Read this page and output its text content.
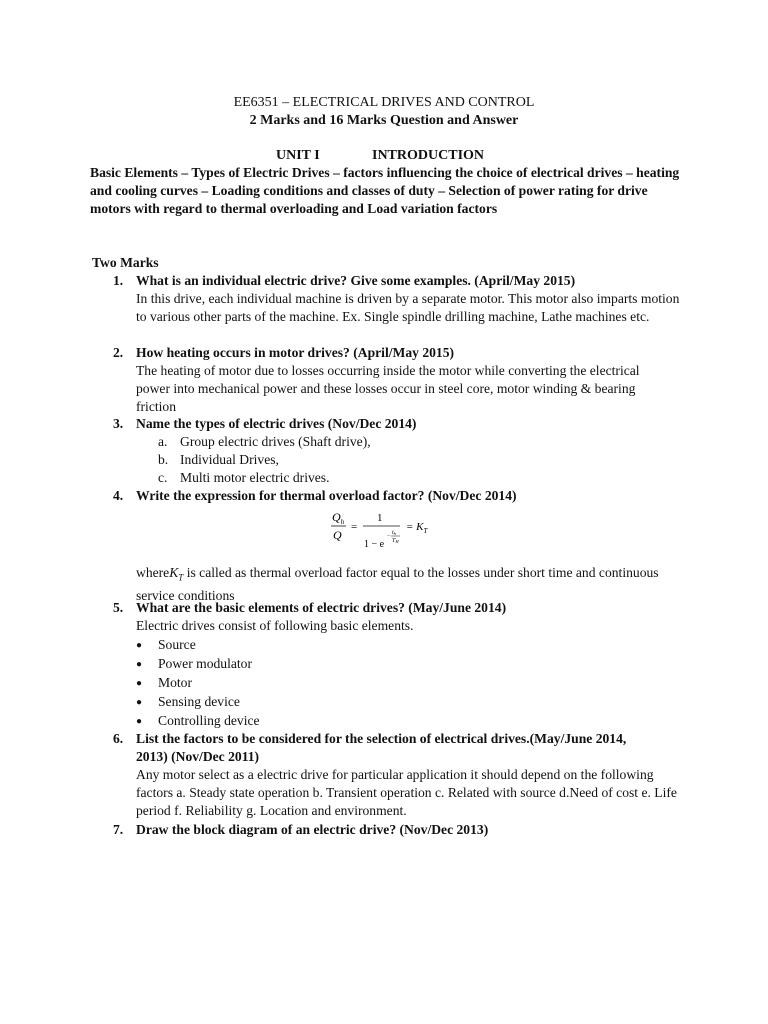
EE6351 – ELECTRICAL DRIVES AND CONTROL
2 Marks and 16 Marks Question and Answer
UNIT I	INTRODUCTION
Basic Elements – Types of Electric Drives – factors influencing the choice of electrical drives – heating and cooling curves – Loading conditions and classes of duty – Selection of power rating for drive motors with regard to thermal overloading and Load variation factors
Two Marks
1. What is an individual electric drive? Give some examples. (April/May 2015)
In this drive, each individual machine is driven by a separate motor. This motor also imparts motion to various other parts of the machine. Ex. Single spindle drilling machine, Lathe machines etc.
2. How heating occurs in motor drives? (April/May 2015)
The heating of motor due to losses occurring inside the motor while converting the electrical power into mechanical power and these losses occur in steel core, motor winding & bearing friction
3. Name the types of electric drives (Nov/Dec 2014)
a. Group electric drives (Shaft drive),
b. Individual Drives,
c. Multi motor electric drives.
4. Write the expression for thermal overload factor? (Nov/Dec 2014)
$Q_h$
Q
=
1
1 − e
− th
TH
= $K_T$
whereK$_T$ is called as thermal overload factor equal to the losses under short time and continuous service conditions
5. What are the basic elements of electric drives? (May/June 2014)
Electric drives consist of following basic elements.
● Source
● Power modulator
● Motor
● Sensing device
● Controlling device
6. List the factors to be considered for the selection of electrical drives.(May/June 2014, 2013) (Nov/Dec 2011)
Any motor select as a electric drive for particular application it should depend on the following factors a. Steady state operation b. Transient operation c. Related with source d.Need of cost e. Life period f. Reliability g. Location and environment.
7. Draw the block diagram of an electric drive? (Nov/Dec 2013)
